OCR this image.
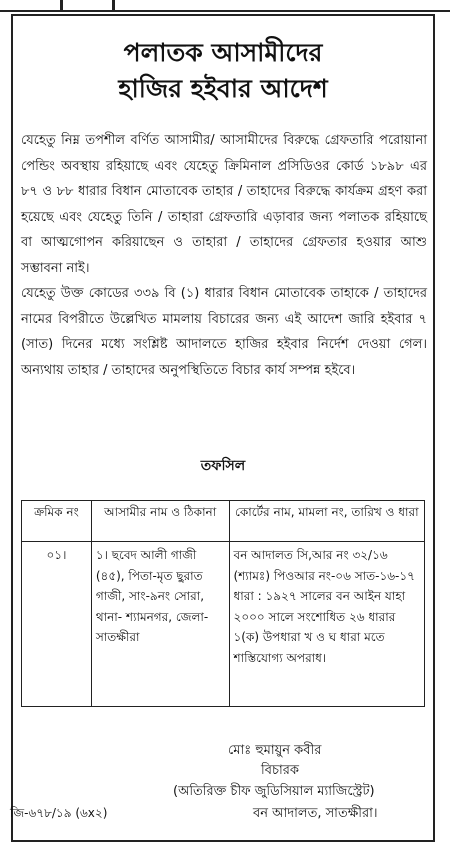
পলাতক আসামীদের
হাজির হইবার আদেশ

যেহেতু নিম্ন তপশীল বর্ণিত আসামীর/ আসামীদের বিরুদ্ধে গ্রেফতারি পরোয়ানা পেন্ডিং অবস্থায় রহিয়াছে এবং যেহেতু ক্রিমিনাল প্রসিডিওর কোর্ড ১৮৯৮ এর ৮৭ ও ৮৮ ধারার বিধান মোতাবেক তাহার / তাহাদের বিরুদ্ধে কার্যক্রম গ্রহণ করা হয়েছে এবং যেহেতু তিনি / তাহারা গ্রেফতারি এড়াবার জন্য পলাতক রহিয়াছে বা আত্মগোপন করিয়াছেন ও তাহারা / তাহাদের গ্রেফতার হওয়ার আশু সম্ভাবনা নাই।

যেহেতু উক্ত কোডের ৩৩৯ বি (১) ধারার বিধান মোতাবেক তাহাকে / তাহাদের নামের বিপরীতে উল্লেখিত মামলায় বিচারের জন্য এই আদেশ জারি হইবার ৭ (সাত) দিনের মধ্যে সংশ্লিষ্ট আদালতে হাজির হইবার নির্দেশ দেওয়া গেল। অন্যথায় তাহার / তাহাদের অনুপস্থিতিতে বিচার কার্য সম্পন্ন হইবে।

তফসিল
ক্রমিক নং	আসামীর নাম ও ঠিকানা	কোর্টের নাম, মামলা নং, তারিখ ও ধারা
০১।	১। ছবেদ আলী গাজী (৪৫), পিতা-মৃত ছুরাত গাজী, সাং-৯নং সোরা, থানা- শ্যামনগর, জেলা-সাতক্ষীরা	বন আদালত সি,আর নং ৩২/১৬ (শ্যামঃ) পিওআর নং-০৬ সাত-১৬-১৭ ধারা : ১৯২৭ সালের বন আইন যাহা ২০০০ সালে সংশোধিত ২৬ ধারার ১(ক) উপধারা খ ও ঘ ধারা মতে শাস্তিযোগ্য অপরাধ।
মোঃ হুমায়ুন কবীর
বিচারক
(অতিরিক্ত চীফ জুডিসিয়াল ম্যাজিস্ট্রেট)
বন আদালত, সাতক্ষীরা।
জি-৬৭৮/১৯ (৬x২)
